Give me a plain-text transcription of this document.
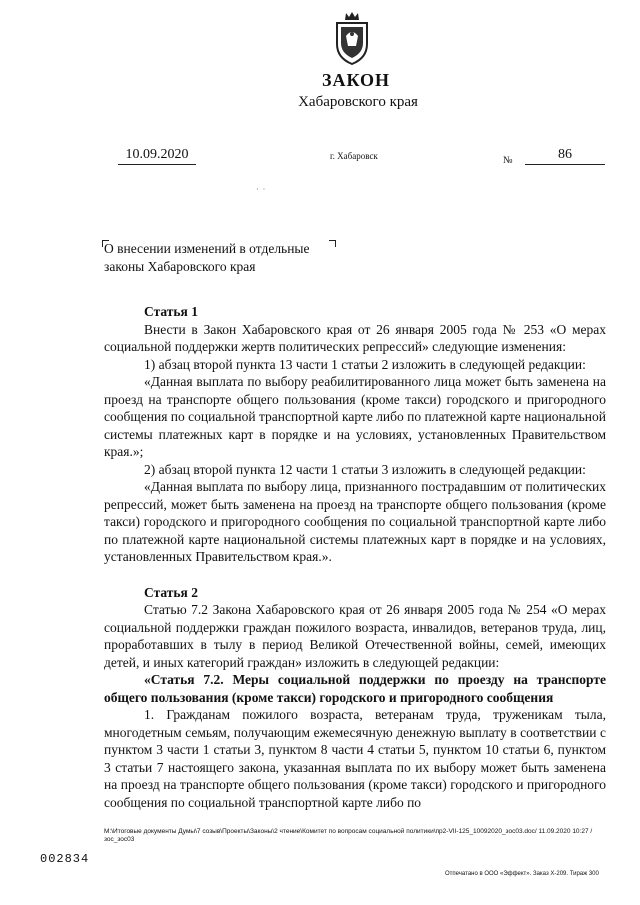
ЗАКОН
Хабаровского края
10.09.2020	г. Хабаровск	№	86
·  ·
О внесении изменений в отдельные
законы Хабаровского края

Статья 1

Внести в Закон Хабаровского края от 26 января 2005 года № 253 «О мерах социальной поддержки жертв политических репрессий» следующие изменения:

1) абзац второй пункта 13 части 1 статьи 2 изложить в следующей редакции:

«Данная выплата по выбору реабилитированного лица может быть заменена на проезд на транспорте общего пользования (кроме такси) городского и пригородного сообщения по социальной транспортной карте либо по платежной карте национальной системы платежных карт в порядке и на условиях, установленных Правительством края.»;

2) абзац второй пункта 12 части 1 статьи 3 изложить в следующей редакции:

«Данная выплата по выбору лица, признанного пострадавшим от политических репрессий, может быть заменена на проезд на транспорте общего пользования (кроме такси) городского и пригородного сообщения по социальной транспортной карте либо по платежной карте национальной системы платежных карт в порядке и на условиях, установленных Правительством края.».

Статья 2

Статью 7.2 Закона Хабаровского края от 26 января 2005 года № 254 «О мерах социальной поддержки граждан пожилого возраста, инвалидов, ветеранов труда, лиц, проработавших в тылу в период Великой Отечественной войны, семей, имеющих детей, и иных категорий граждан» изложить в следующей редакции:

«Статья 7.2. Меры социальной поддержки по проезду на транспорте общего пользования (кроме такси) городского и пригородного сообщения

1. Гражданам пожилого возраста, ветеранам труда, труженикам тыла, многодетным семьям, получающим ежемесячную денежную выплату в соответствии с пунктом 3 части 1 статьи 3, пунктом 8 части 4 статьи 5, пунктом 10 статьи 6, пунктом 3 статьи 7 настоящего закона, указанная выплата по их выбору может быть заменена на проезд на транспорте общего пользования (кроме такси) городского и пригородного сообщения по социальной транспортной карте либо по

M:\Итоговые документы Думы\7 созыв\Проекты\Законы\2 чтение\Комитет по вопросам социальной политики\пр2-VII-125_10092020_зос03.doc/ 11.09.2020 10:27 / зос_зос03
002834
Отпечатано в ООО «Эффект». Заказ Х-209. Тираж 300
